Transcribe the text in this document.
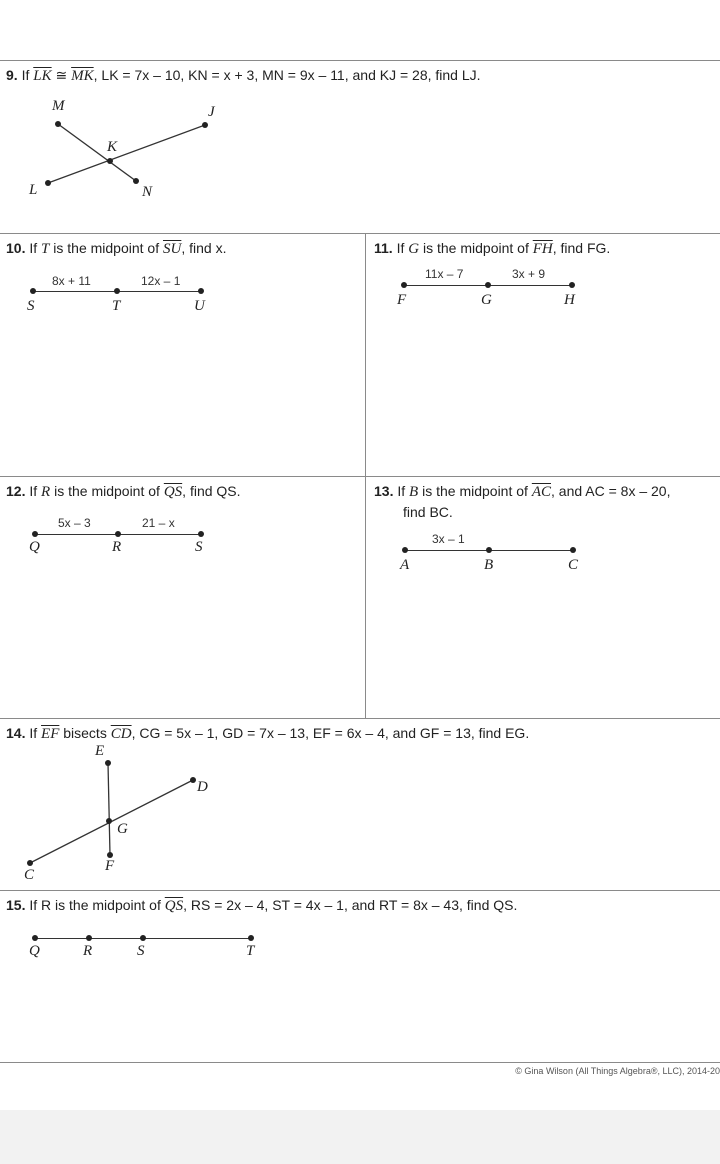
9. If $\overline{LK}$ ≅ $\overline{MK}$, LK = 7x – 10, KN = x + 3, MN = 9x – 11, and KJ = 28, find LJ.
M	J
K
L	N
10. If T is the midpoint of $\overline{SU}$, find x.
8x + 11	12x – 1
S	T	U
11. If G is the midpoint of $\overline{FH}$, find FG.
11x – 7	3x + 9
F	G	H
12. If R is the midpoint of $\overline{QS}$, find QS.
5x – 3	21 – x
Q	R	S
13. If B is the midpoint of $\overline{AC}$, and AC = 8x – 20,
find BC.
3x – 1
A	B	C
14. If $\overline{EF}$ bisects $\overline{CD}$, CG = 5x – 1, GD = 7x – 13, EF = 6x – 4, and GF = 13, find EG.
E
D
G
C
F
15. If R is the midpoint of $\overline{QS}$, RS = 2x – 4, ST = 4x – 1, and RT = 8x – 43, find QS.
Q	R	S	T
© Gina Wilson (All Things Algebra®, LLC), 2014-20
